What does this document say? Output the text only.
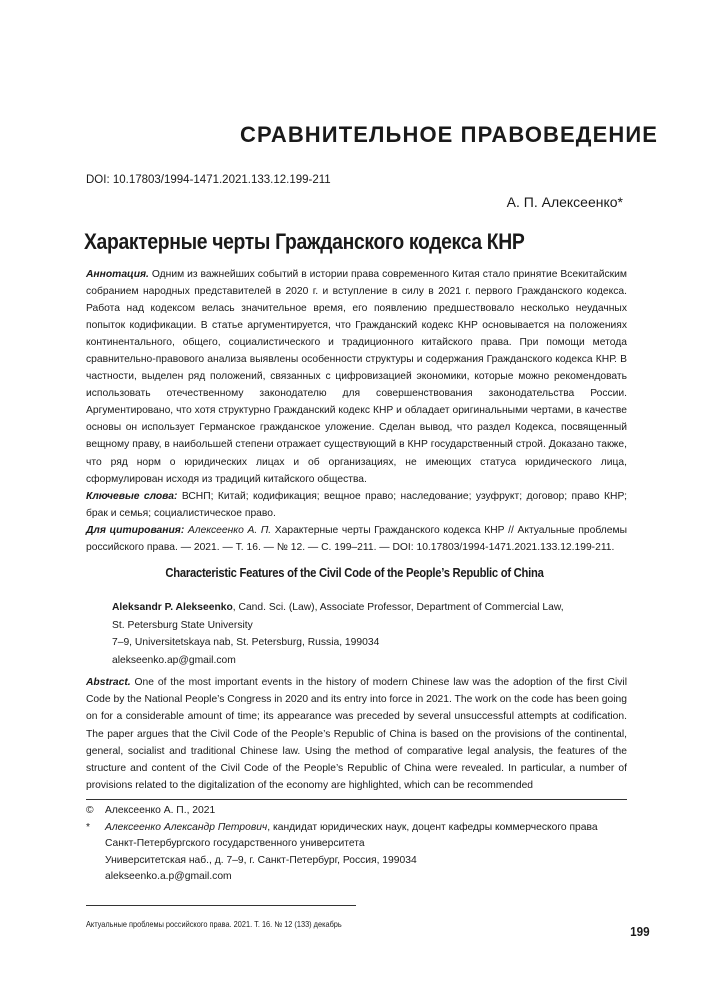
СРАВНИТЕЛЬНОЕ ПРАВОВЕДЕНИЕ
DOI: 10.17803/1994-1471.2021.133.12.199-211
А. П. Алексеенко*
Характерные черты Гражданского кодекса КНР
Аннотация. Одним из важнейших событий в истории права современного Китая стало принятие Всекитайским собранием народных представителей в 2020 г. и вступление в силу в 2021 г. первого Гражданского кодекса. Работа над кодексом велась значительное время, его появлению предшествовало несколько неудачных попыток кодификации. В статье аргументируется, что Гражданский кодекс КНР основывается на положениях континентального, общего, социалистического и традиционного китайского права. При помощи метода сравнительно-правового анализа выявлены особенности структуры и содержания Гражданского кодекса КНР. В частности, выделен ряд положений, связанных с цифровизацией экономики, которые можно рекомендовать использовать отечественному законодателю для совершенствования законодательства России. Аргументировано, что хотя структурно Гражданский кодекс КНР и обладает оригинальными чертами, в качестве основы он использует Германское гражданское уложение. Сделан вывод, что раздел Кодекса, посвященный вещному праву, в наибольшей степени отражает существующий в КНР государственный строй. Доказано также, что ряд норм о юридических лицах и об организациях, не имеющих статуса юридического лица, сформулирован исходя из традиций китайского общества.
Ключевые слова: ВСНП; Китай; кодификация; вещное право; наследование; узуфрукт; договор; право КНР; брак и семья; социалистическое право.
Для цитирования: Алексеенко А. П. Характерные черты Гражданского кодекса КНР // Актуальные проблемы российского права. — 2021. — Т. 16. — № 12. — С. 199–211. — DOI: 10.17803/1994-1471.2021.133.12.199-211.
Characteristic Features of the Civil Code of the People’s Republic of China
Aleksandr P. Alekseenko, Cand. Sci. (Law), Associate Professor, Department of Commercial Law,
St. Petersburg State University
7–9, Universitetskaya nab, St. Petersburg, Russia, 199034
alekseenko.ap@gmail.com
Abstract. One of the most important events in the history of modern Chinese law was the adoption of the first Civil Code by the National People’s Congress in 2020 and its entry into force in 2021. The work on the code has been going on for a considerable amount of time; its appearance was preceded by several unsuccessful attempts at codification. The paper argues that the Civil Code of the People’s Republic of China is based on the provisions of the continental, general, socialist and traditional Chinese law. Using the method of comparative legal analysis, the features of the structure and content of the Civil Code of the People’s Republic of China were revealed. In particular, a number of provisions related to the digitalization of the economy are highlighted, which can be recommended
©	Алексеенко А. П., 2021
*	Алексеенко Александр Петрович, кандидат юридических наук, доцент кафедры коммерческого права
Санкт-Петербургского государственного университета
Университетская наб., д. 7–9, г. Санкт-Петербург, Россия, 199034
alekseenko.a.p@gmail.com
Актуальные проблемы российского права. 2021. Т. 16. № 12 (133) декабрь	199
